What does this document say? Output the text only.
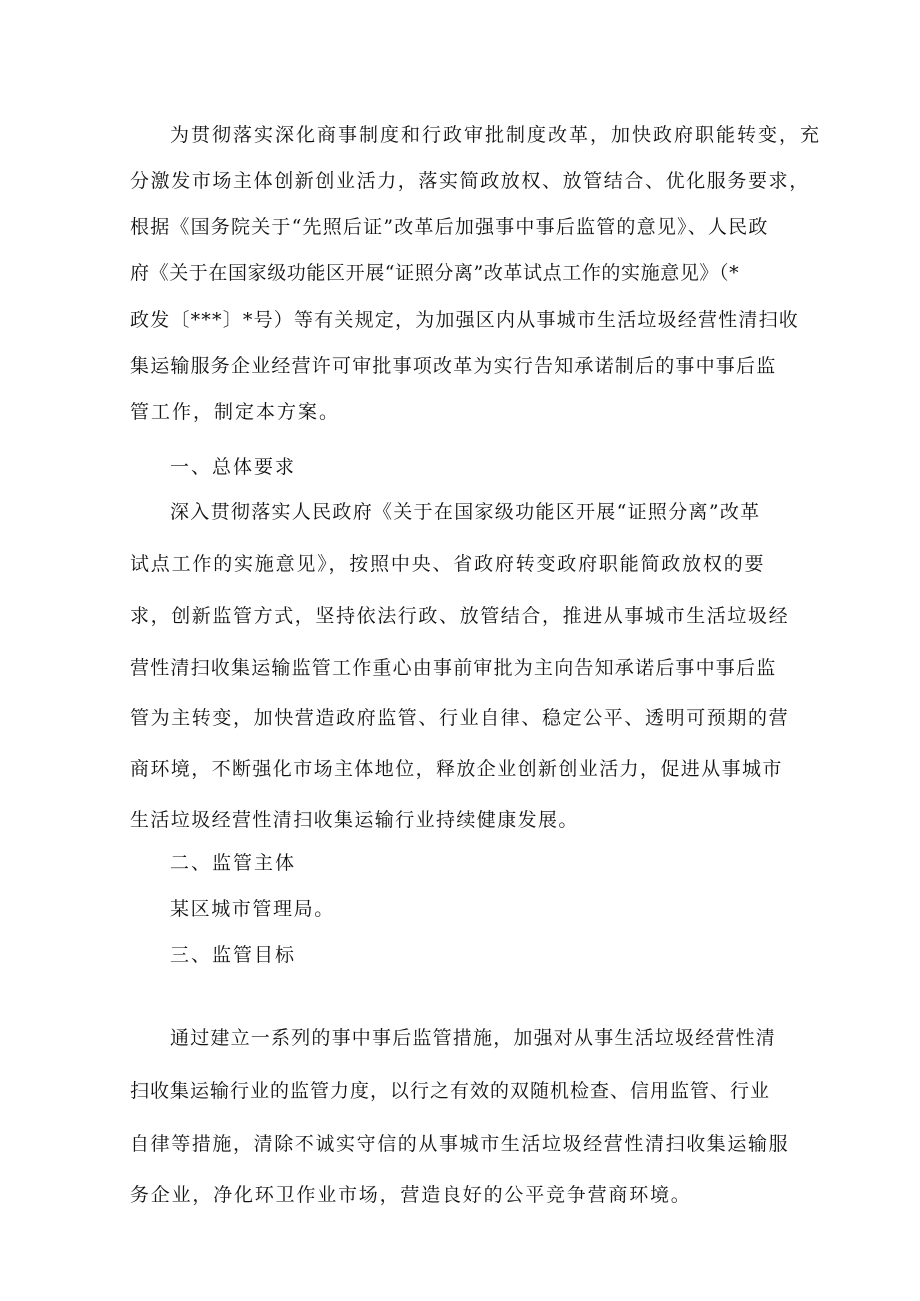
为贯彻落实深化商事制度和行政审批制度改革，加快政府职能转变，充
分激发市场主体创新创业活力，落实简政放权、放管结合、优化服务要求，
根据《国务院关于“先照后证”改革后加强事中事后监管的意见》、人民政
府《关于在国家级功能区开展“证照分离”改革试点工作的实施意见》（*
政发〔***〕*号）等有关规定，为加强区内从事城市生活垃圾经营性清扫收
集运输服务企业经营许可审批事项改革为实行告知承诺制后的事中事后监
管工作，制定本方案。
一、总体要求
深入贯彻落实人民政府《关于在国家级功能区开展“证照分离”改革
试点工作的实施意见》，按照中央、省政府转变政府职能简政放权的要
求，创新监管方式，坚持依法行政、放管结合，推进从事城市生活垃圾经
营性清扫收集运输监管工作重心由事前审批为主向告知承诺后事中事后监
管为主转变，加快营造政府监管、行业自律、稳定公平、透明可预期的营
商环境，不断强化市场主体地位，释放企业创新创业活力，促进从事城市
生活垃圾经营性清扫收集运输行业持续健康发展。
二、监管主体
某区城市管理局。
三、监管目标
通过建立一系列的事中事后监管措施，加强对从事生活垃圾经营性清
扫收集运输行业的监管力度，以行之有效的双随机检查、信用监管、行业
自律等措施，清除不诚实守信的从事城市生活垃圾经营性清扫收集运输服
务企业，净化环卫作业市场，营造良好的公平竞争营商环境。
